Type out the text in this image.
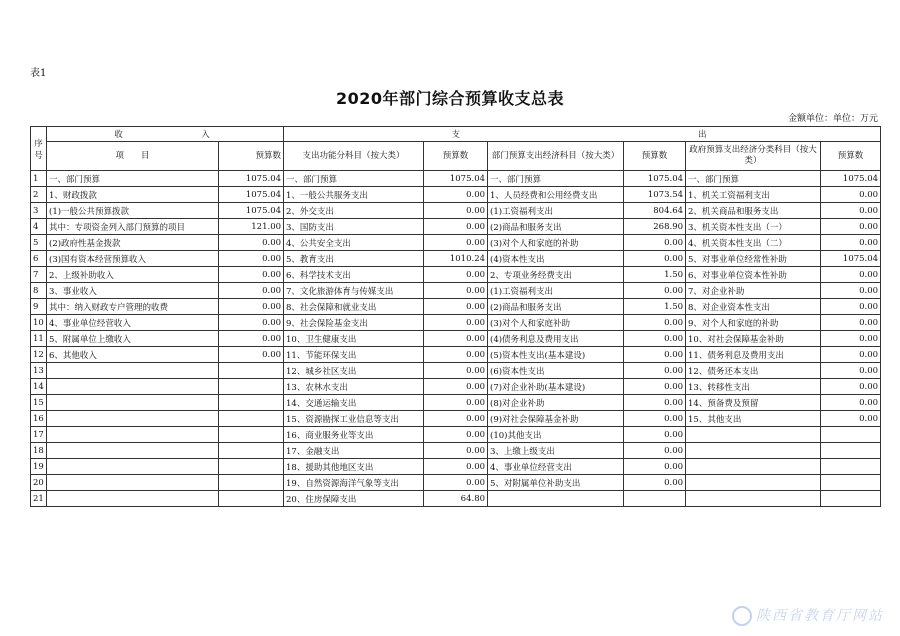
表1
2020年部门综合预算收支总表
金额单位：单位：万元
序号	收　　　　　入		支　　　　　　　　　　　　　　　　出					
	项　　目	预算数	支出功能分科目（按大类）	预算数	部门预算支出经济科目（按大类）	预算数	政府预算支出经济分类科目（按大类）	预算数
1	一、部门预算	1075.04	一、部门预算	1075.04	一、部门预算	1075.04	一、部门预算	1075.04
2	1、财政拨款	1075.04	1、一般公共服务支出	0.00	1、人员经费和公用经费支出	1073.54	1、机关工资福利支出	0.00
3	(1)一般公共预算拨款	1075.04	2、外交支出	0.00	(1)工资福利支出	804.64	2、机关商品和服务支出	0.00
4	其中：专项资金列入部门预算的项目	121.00	3、国防支出	0.00	(2)商品和服务支出	268.90	3、机关资本性支出（一）	0.00
5	(2)政府性基金拨款	0.00	4、公共安全支出	0.00	(3)对个人和家庭的补助	0.00	4、机关资本性支出（二）	0.00
6	(3)国有资本经营预算收入	0.00	5、教育支出	1010.24	(4)资本性支出	0.00	5、对事业单位经常性补助	1075.04
7	2、上级补助收入	0.00	6、科学技术支出	0.00	2、专项业务经费支出	1.50	6、对事业单位资本性补助	0.00
8	3、事业收入	0.00	7、文化旅游体育与传媒支出	0.00	(1)工资福利支出	0.00	7、对企业补助	0.00
9	其中：纳入财政专户管理的收费	0.00	8、社会保障和就业支出	0.00	(2)商品和服务支出	1.50	8、对企业资本性支出	0.00
10	4、事业单位经营收入	0.00	9、社会保险基金支出	0.00	(3)对个人和家庭补助	0.00	9、对个人和家庭的补助	0.00
11	5、附属单位上缴收入	0.00	10、卫生健康支出	0.00	(4)债务利息及费用支出	0.00	10、对社会保障基金补助	0.00
12	6、其他收入	0.00	11、节能环保支出	0.00	(5)资本性支出(基本建设)	0.00	11、债务利息及费用支出	0.00
13			12、城乡社区支出	0.00	(6)资本性支出	0.00	12、债务还本支出	0.00
14			13、农林水支出	0.00	(7)对企业补助(基本建设)	0.00	13、转移性支出	0.00
15			14、交通运输支出	0.00	(8)对企业补助	0.00	14、预备费及预留	0.00
16			15、资源勘探工业信息等支出	0.00	(9)对社会保障基金补助	0.00	15、其他支出	0.00
17			16、商业服务业等支出	0.00	(10)其他支出	0.00		
18			17、金融支出	0.00	3、上缴上级支出	0.00		
19			18、援助其他地区支出	0.00	4、事业单位经营支出	0.00		
20			19、自然资源海洋气象等支出	0.00	5、对附属单位补助支出	0.00		
21			20、住房保障支出	64.80				
陕西省教育厅网站
